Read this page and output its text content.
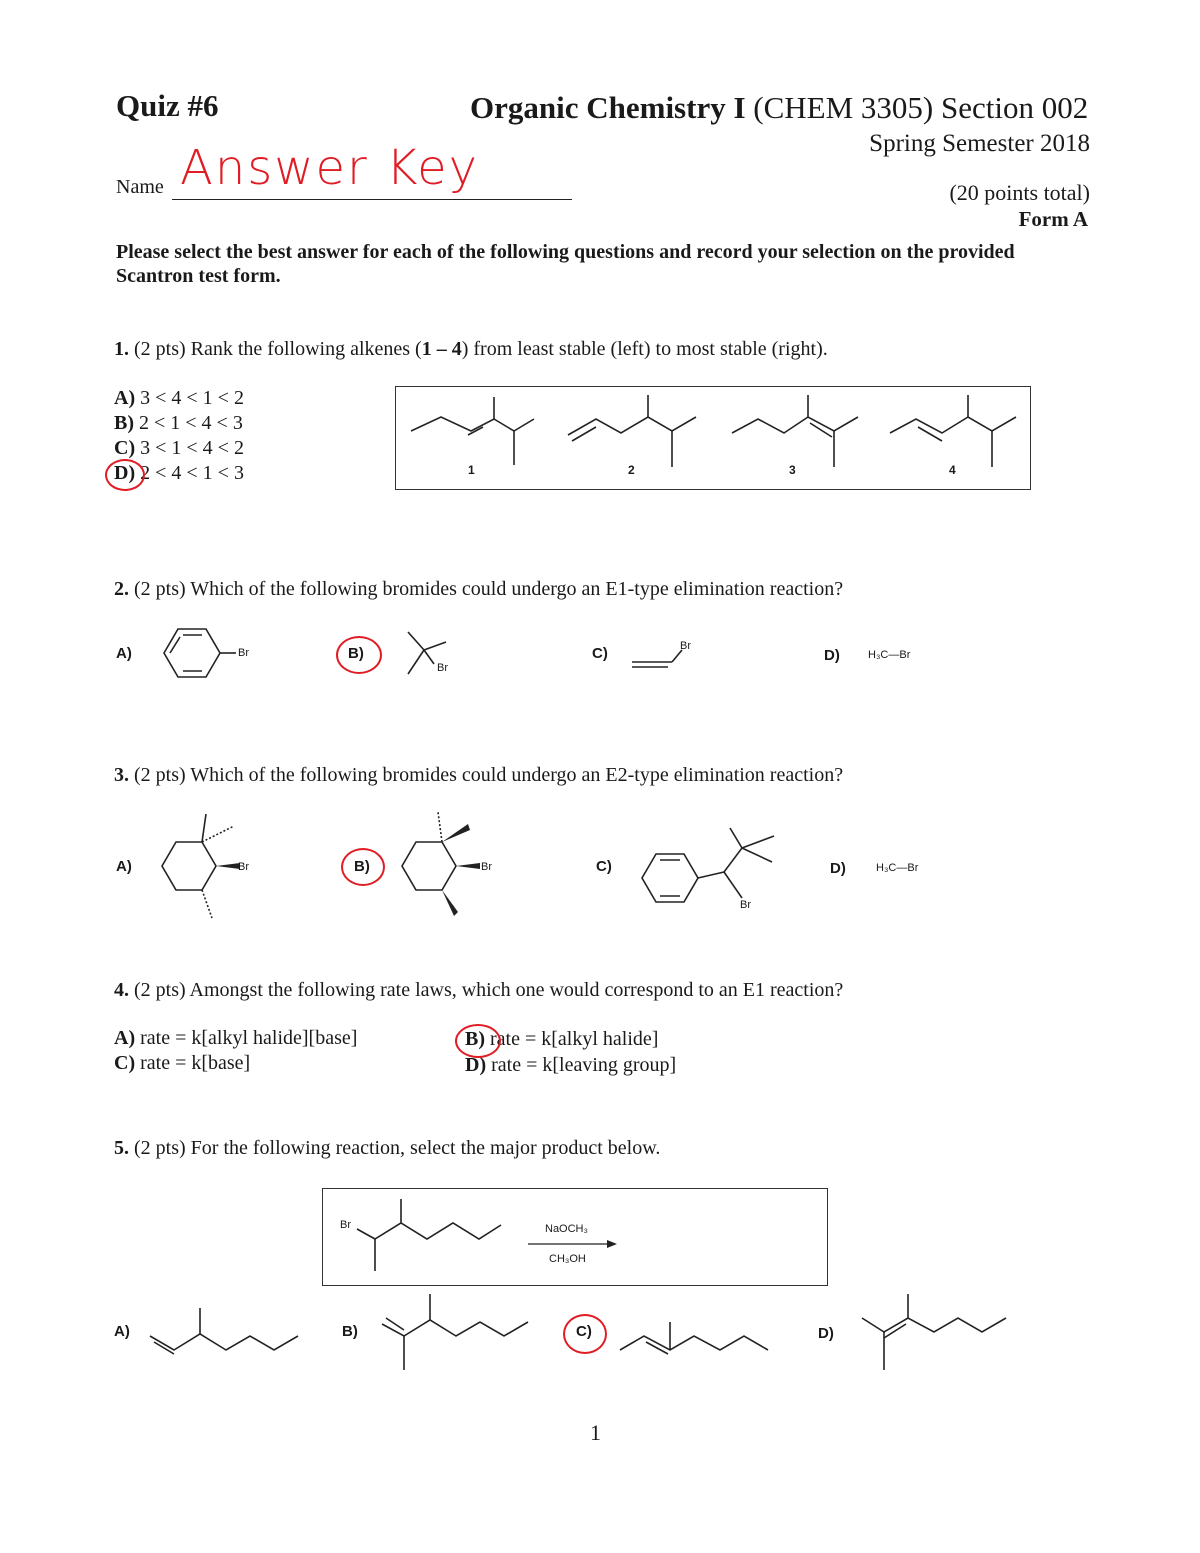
Quiz #6	Organic Chemistry I (CHEM 3305) Section 002
Spring Semester 2018
Name Answer Key	(20 points total)
Form A
Please select the best answer for each of the following questions and record your selection on the provided Scantron test form.
1. (2 pts) Rank the following alkenes (1 – 4) from least stable (left) to most stable (right).
A) 3 < 4 < 1 < 2
B) 2 < 1 < 4 < 3
C) 3 < 1 < 4 < 2
D) 2 < 4 < 1 < 3	1	2	3	4
2. (2 pts) Which of the following bromides could undergo an E1-type elimination reaction?
A)	Br	B)
Br
C)	Br
D)	H₃C—Br
3. (2 pts) Which of the following bromides could undergo an E2-type elimination reaction?
A)	Br	B)	Br	C)
Br
D)	H₃C—Br
4. (2 pts) Amongst the following rate laws, which one would correspond to an E1 reaction?
A) rate = k[alkyl halide][base]
C) rate = k[base]
B) rate = k[alkyl halide]
D) rate = k[leaving group]
5. (2 pts) For the following reaction, select the major product below.
Br	NaOCH₃
CH₃OH
A)	B)	C)	D)
1
